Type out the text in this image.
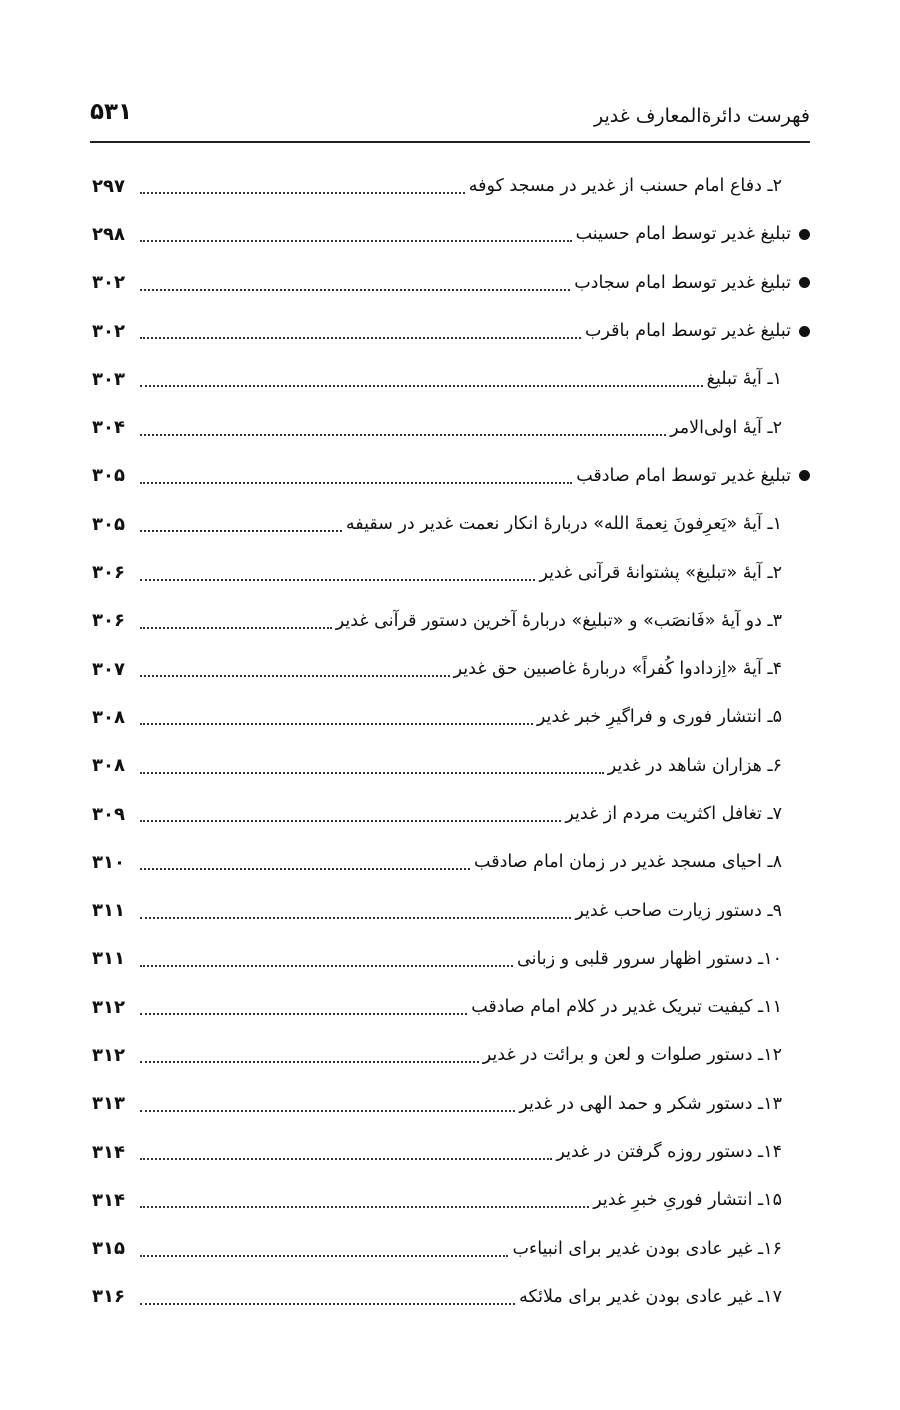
فهرست دائرةالمعارف غدیر
۵۳۱
۲ـ دفاع امام حسنب از غدیر در مسجد کوفه
۲۹۷
تبلیغ غدیر توسط امام حسینب
۲۹۸
تبلیغ غدیر توسط امام سجادب
۳۰۲
تبلیغ غدیر توسط امام باقرب
۳۰۲
۱ـ آیهٔ تبلیغ
۳۰۳
۲ـ آیهٔ اولی‌الامر
۳۰۴
تبلیغ غدیر توسط امام صادقب
۳۰۵
۱ـ آیهٔ «یَعرِفونَ نِعمةَ الله» دربارهٔ انکار نعمت غدیر در سقیفه
۳۰۵
۲ـ آیهٔ «تبلیغ» پشتوانهٔ قرآنی غدیر
۳۰۶
۳ـ دو آیهٔ «فَانصَب» و «تبلیغ» دربارهٔ آخرین دستور قرآنی غدیر
۳۰۶
۴ـ آیهٔ «اِزدادوا کُفراً» دربارهٔ غاصبین حق غدیر
۳۰۷
۵ـ انتشار فوری و فراگیرِ خبر غدیر
۳۰۸
۶ـ هزاران شاهد در غدیر
۳۰۸
۷ـ تغافل اکثریت مردم از غدیر
۳۰۹
۸ـ احیای مسجد غدیر در زمان امام صادقب
۳۱۰
۹ـ دستور زیارت صاحب غدیر
۳۱۱
۱۰ـ دستور اظهار سرور قلبی و زبانی
۳۱۱
۱۱ـ کیفیت تبریک غدیر در کلام امام صادقب
۳۱۲
۱۲ـ دستور صلوات و لعن و برائت در غدیر
۳۱۲
۱۳ـ دستور شکر و حمد الهی در غدیر
۳۱۳
۱۴ـ دستور روزه گرفتن در غدیر
۳۱۴
۱۵ـ انتشار فوریِ خبرِ غدیر
۳۱۴
۱۶ـ غیر عادی بودن غدیر برای انبیاءب
۳۱۵
۱۷ـ غیر عادی بودن غدیر برای ملائکه
۳۱۶
